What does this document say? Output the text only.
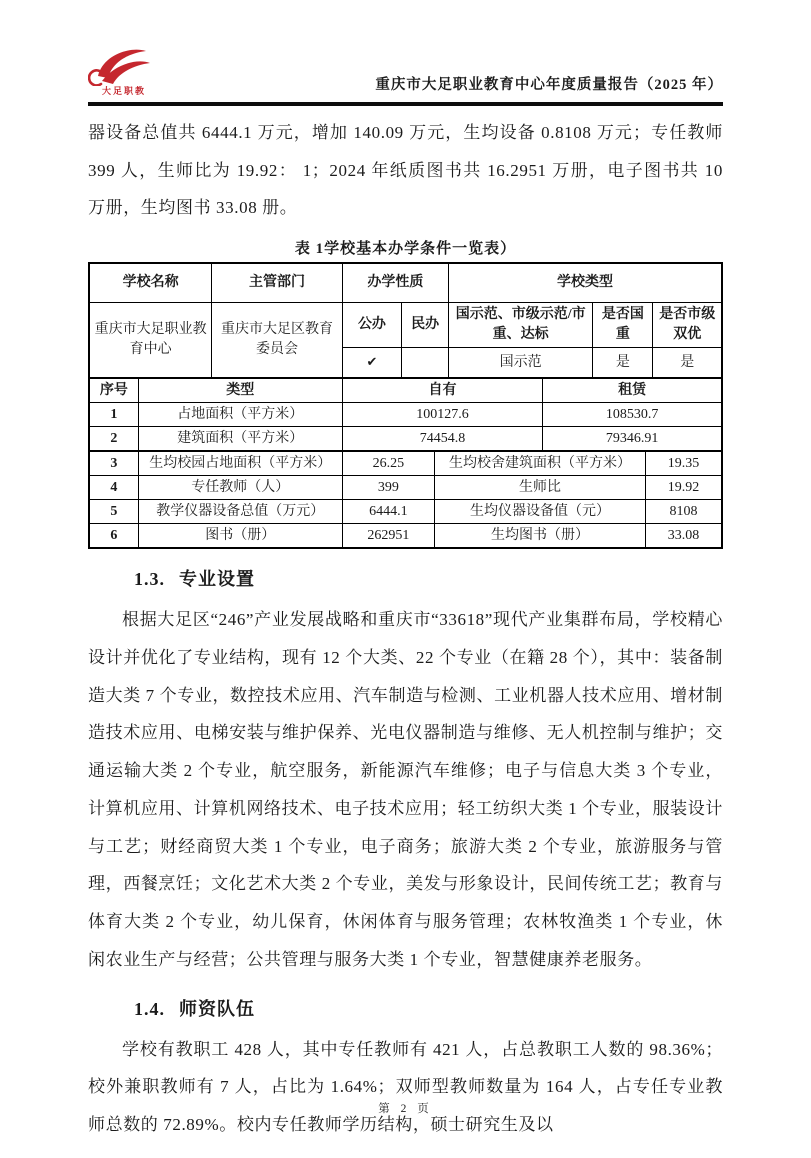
大足职教	重庆市大足职业教育中心年度质量报告（2025 年）

器设备总值共 6444.1 万元，增加 140.09 万元，生均设备 0.8108 万元；专任教师 399 人，生师比为 19.92： 1；2024 年纸质图书共 16.2951 万册，电子图书共 10 万册，生均图书 33.08 册。

表 1学校基本办学条件一览表）
学校名称	主管部门	办学性质		学校类型		
重庆市大足职业教育中心	重庆市大足区教育委员会	公办	民办	国示范、市级示范/市重、达标	是否国重	是否市级双优
		✔		国示范	是	是
序号	类型	自有	租赁
1	占地面积（平方米）	100127.6	108530.7
2	建筑面积（平方米）	74454.8	79346.91
3	生均校园占地面积（平方米）	26.25	生均校舍建筑面积（平方米）	19.35
4	专任教师（人）	399	生师比	19.92
5	教学仪器设备总值（万元）	6444.1	生均仪器设备值（元）	8108
6	图书（册）	262951	生均图书（册）	33.08
1.3. 专业设置

根据大足区“246”产业发展战略和重庆市“33618”现代产业集群布局，学校精心设计并优化了专业结构，现有 12 个大类、22 个专业（在籍 28 个），其中：装备制造大类 7 个专业，数控技术应用、汽车制造与检测、工业机器人技术应用、增材制造技术应用、电梯安装与维护保养、光电仪器制造与维修、无人机控制与维护；交通运输大类 2 个专业，航空服务，新能源汽车维修；电子与信息大类 3 个专业，计算机应用、计算机网络技术、电子技术应用；轻工纺织大类 1 个专业，服装设计与工艺；财经商贸大类 1 个专业，电子商务；旅游大类 2 个专业，旅游服务与管理，西餐烹饪；文化艺术大类 2 个专业，美发与形象设计，民间传统工艺；教育与体育大类 2 个专业，幼儿保育，休闲体育与服务管理；农林牧渔类 1 个专业，休闲农业生产与经营；公共管理与服务大类 1 个专业，智慧健康养老服务。

1.4. 师资队伍

学校有教职工 428 人，其中专任教师有 421 人，占总教职工人数的 98.36%；校外兼职教师有 7 人，占比为 1.64%；双师型教师数量为 164 人，占专任专业教师总数的 72.89%。校内专任教师学历结构，硕士研究生及以

第 2 页
